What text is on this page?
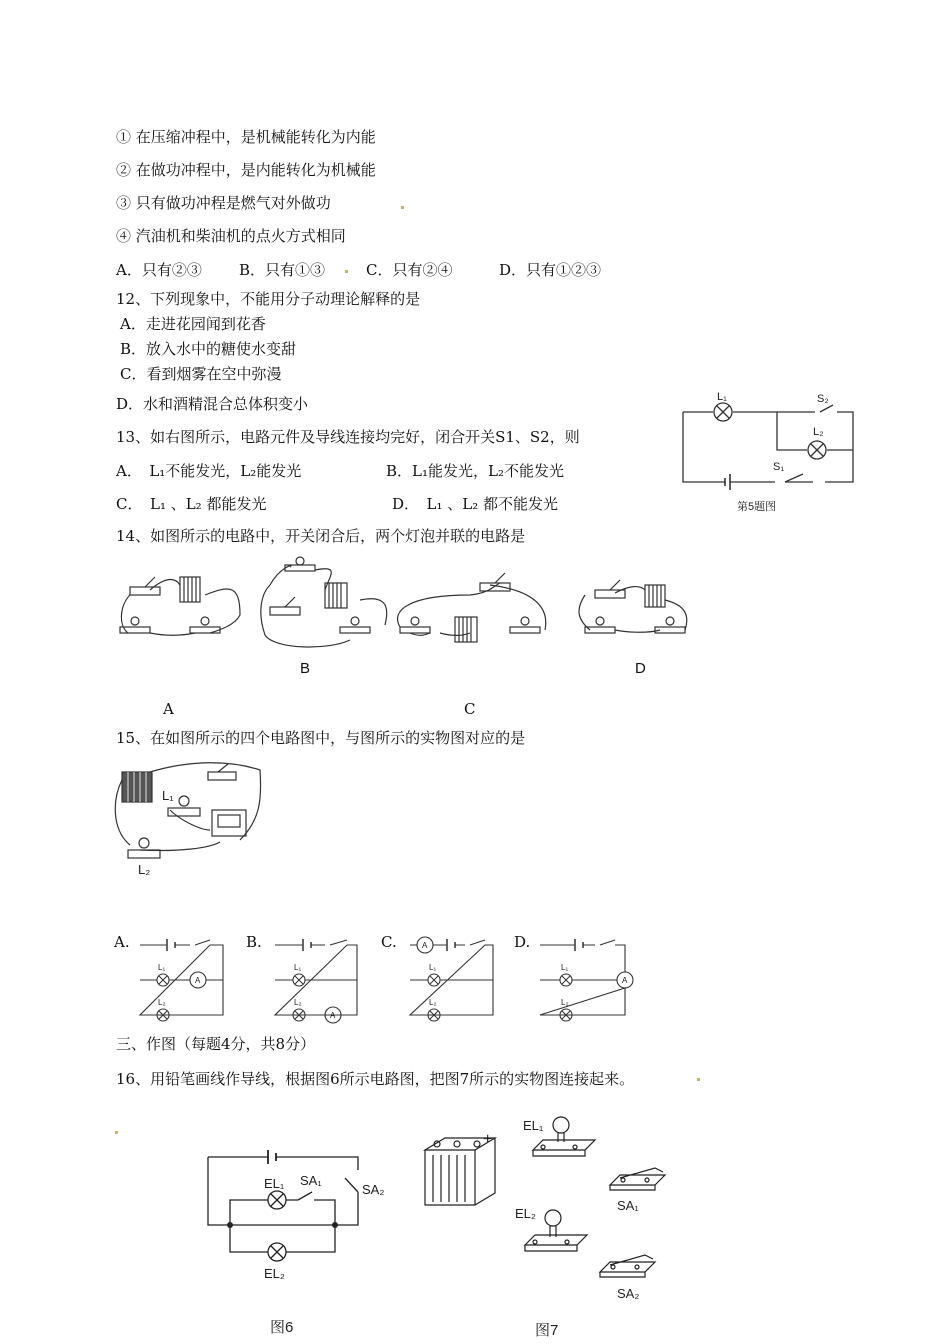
① 在压缩冲程中，是机械能转化为内能
② 在做功冲程中，是内能转化为机械能
③ 只有做功冲程是燃气对外做功
④ 汽油机和柴油机的点火方式相同
A．只有②③ B．只有①③	C．只有②④	D．只有①②③
12、下列现象中，不能用分子动理论解释的是
A．走进花园闻到花香
B．放入水中的糖使水变甜
C．看到烟雾在空中弥漫
D．水和酒精混合总体积变小
13、如右图所示，电路元件及导线连接均完好，闭合开关S1、S2，则
A．　L₁不能发光，L₂能发光	B．L₁能发光，L₂不能发光
C．　L₁ 、L₂ 都能发光	D．　L₁ 、L₂ 都不能发光
L₁	S₂
L₂
S₁
第5题图
14、如图所示的电路中，开关闭合后，两个灯泡并联的电路是
B	D
A	C
15、在如图所示的四个电路图中，与图所示的实物图对应的是
L₁
L₂
A.	B.	C.	D.
L₁
L₂
A
L₁
L₂
A
A
L₁
L₂
L₁
L₂
A
三、作图（每题4分，共8分）
16、用铅笔画线作导线，根据图6所示电路图，把图7所示的实物图连接起来。
EL₁ SA₁
SA₂
EL₂
图6
+
EL₁
SA₁
EL₂
SA₂
图7
